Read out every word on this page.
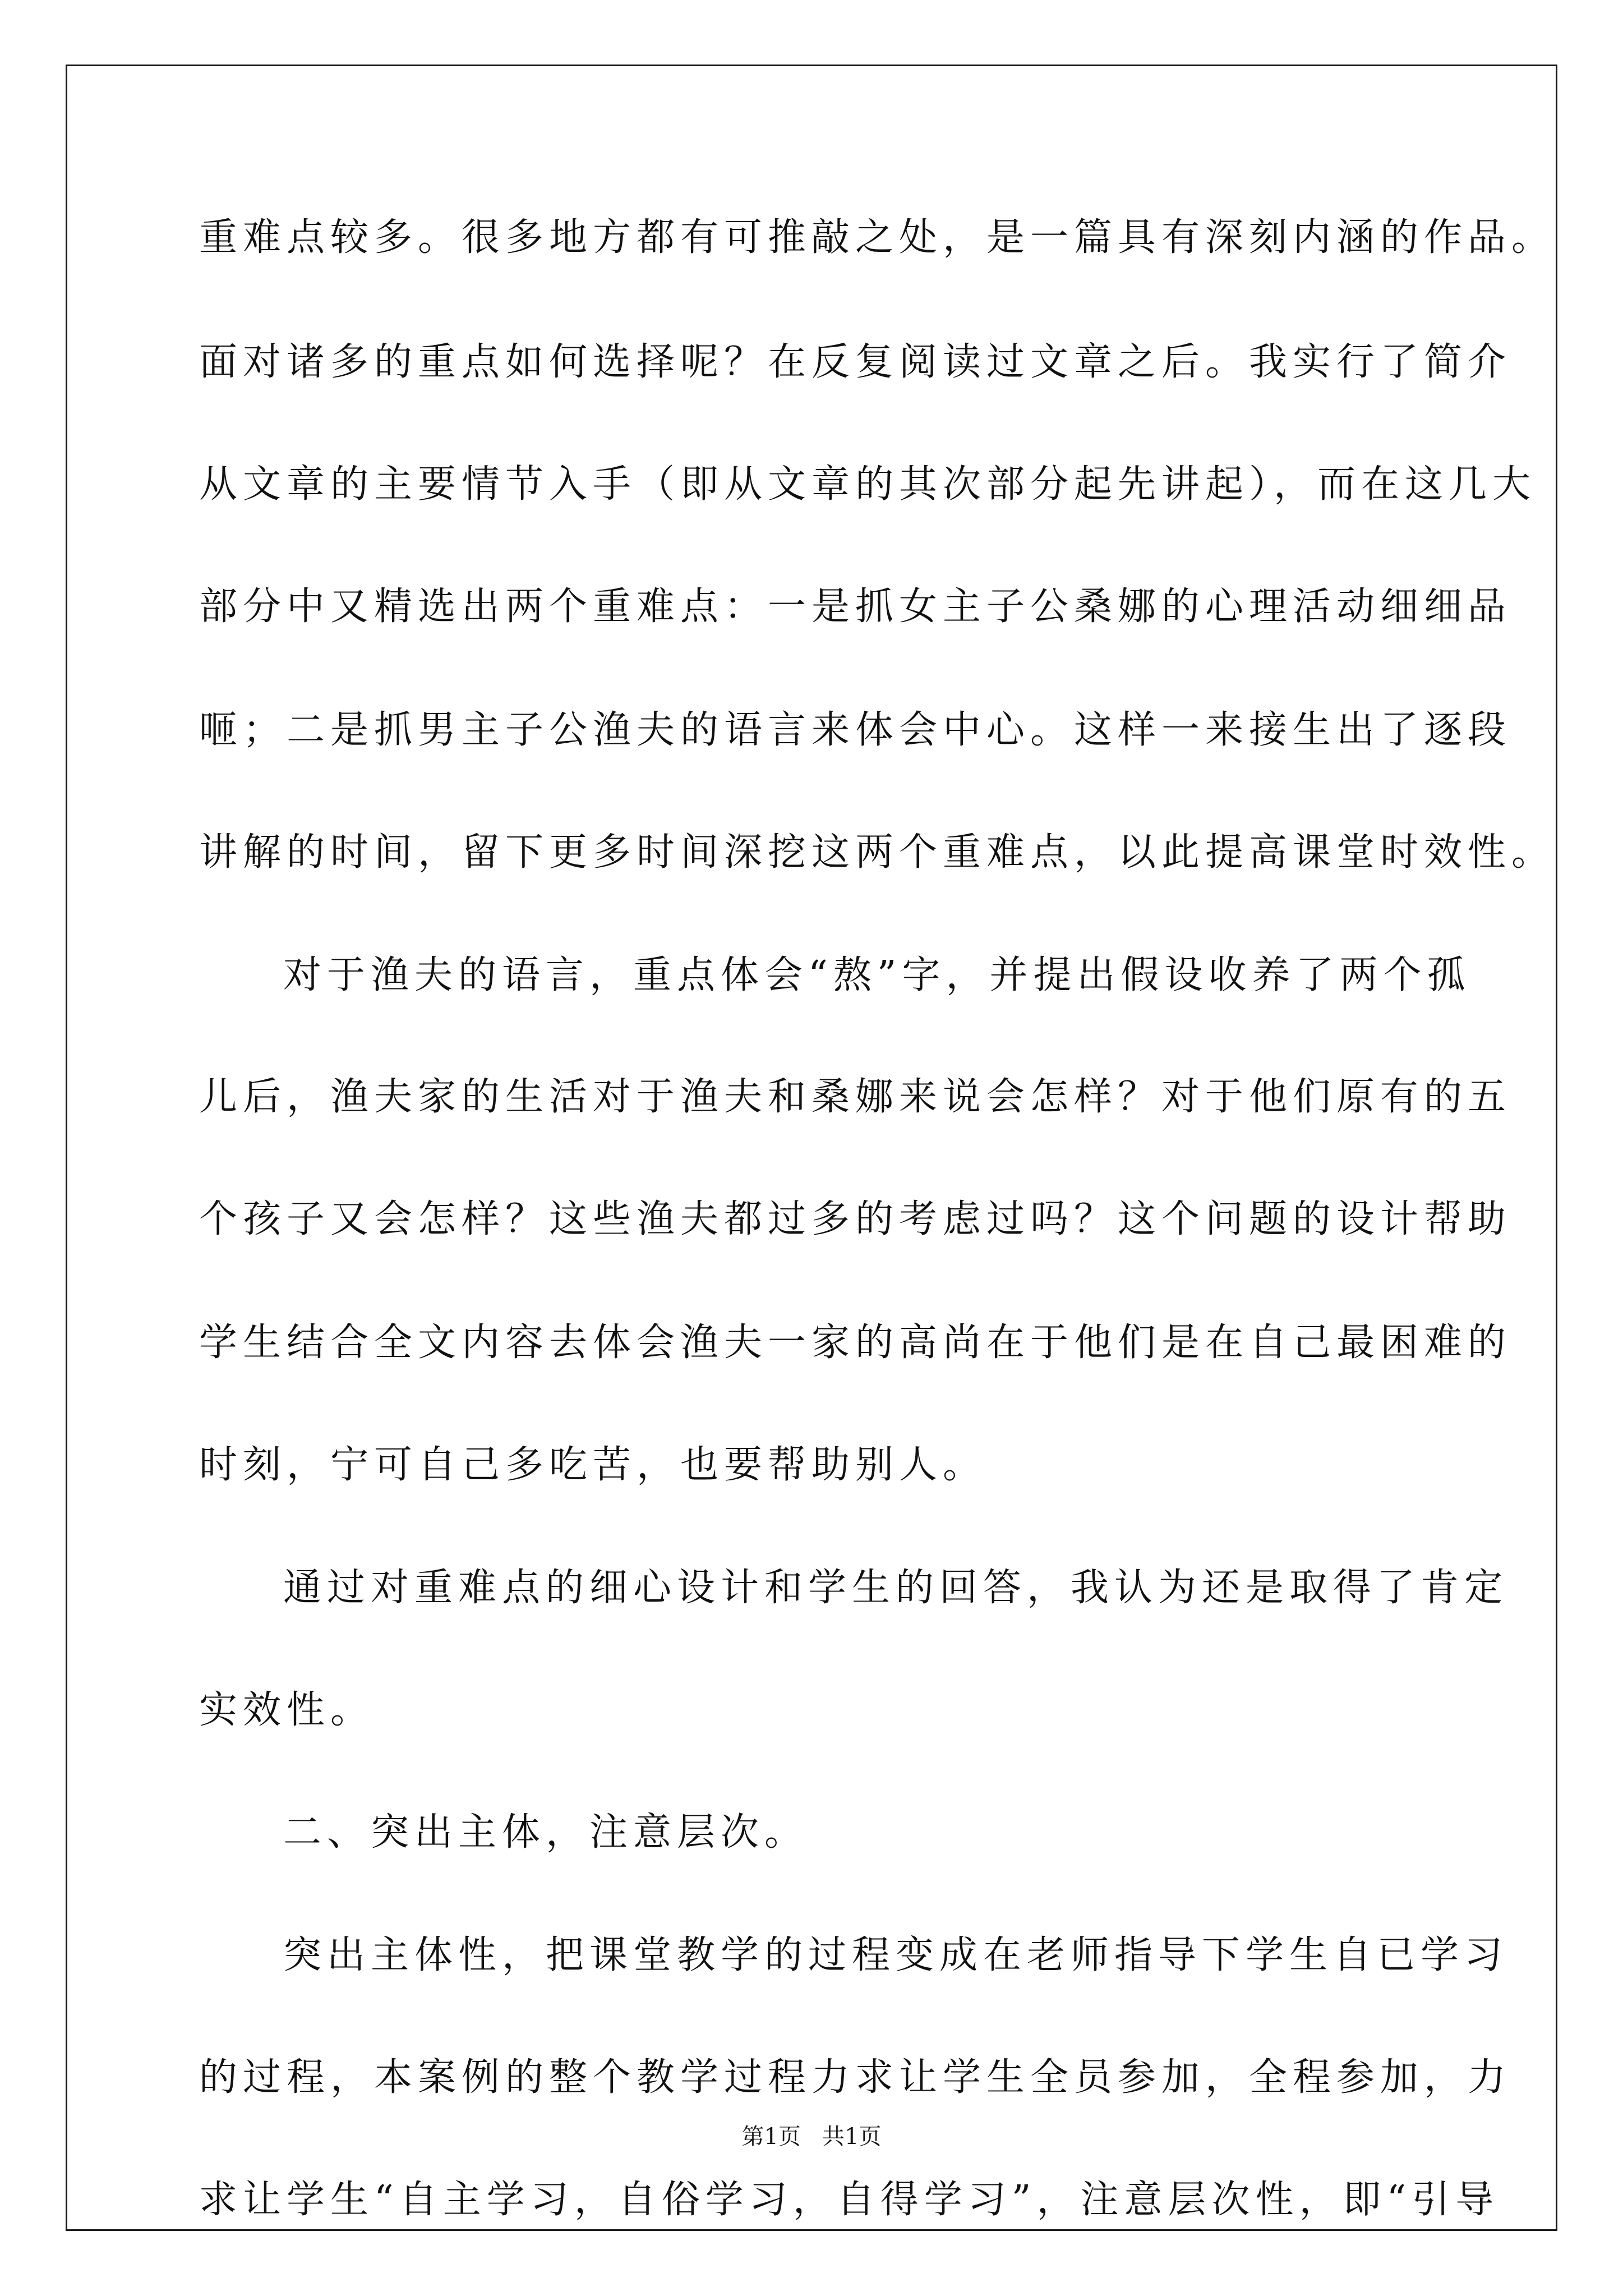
重难点较多。很多地方都有可推敲之处，是一篇具有深刻内涵的作品。
面对诸多的重点如何选择呢？在反复阅读过文章之后。我实行了简介
从文章的主要情节入手（即从文章的其次部分起先讲起），而在这几大
部分中又精选出两个重难点：一是抓女主子公桑娜的心理活动细细品
咂；二是抓男主子公渔夫的语言来体会中心。这样一来接生出了逐段
讲解的时间，留下更多时间深挖这两个重难点，以此提高课堂时效性。
对于渔夫的语言，重点体会“熬”字，并提出假设收养了两个孤
儿后，渔夫家的生活对于渔夫和桑娜来说会怎样？对于他们原有的五
个孩子又会怎样？这些渔夫都过多的考虑过吗？这个问题的设计帮助
学生结合全文内容去体会渔夫一家的高尚在于他们是在自己最困难的
时刻，宁可自己多吃苦，也要帮助别人。
通过对重难点的细心设计和学生的回答，我认为还是取得了肯定
实效性。
二、突出主体，注意层次。
突出主体性，把课堂教学的过程变成在老师指导下学生自已学习
的过程，本案例的整个教学过程力求让学生全员参加，全程参加，力
求让学生“自主学习，自俗学习，自得学习”，注意层次性，即“引导
第1页   共1页
